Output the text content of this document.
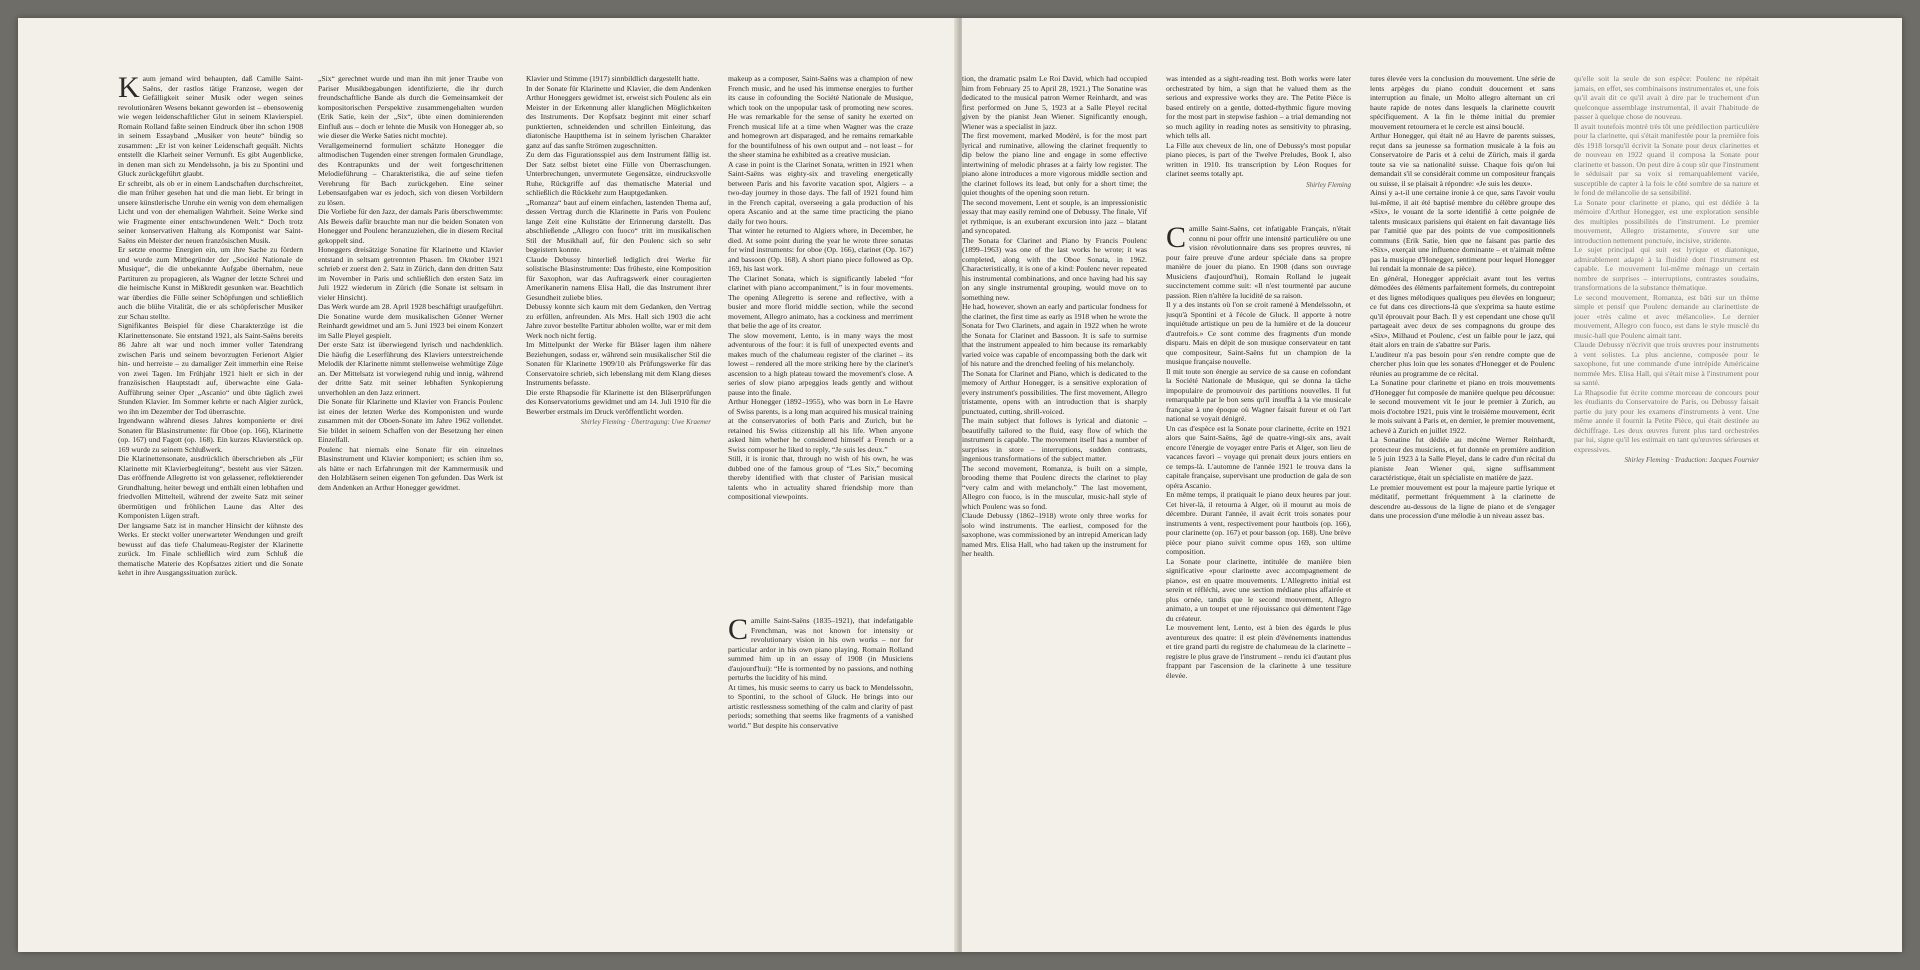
Kaum jemand wird behaupten, daß Camille Saint-Saëns, der rastlos tätige Franzose, wegen der Gefälligkeit seiner Musik oder wegen seines revolutionären Wesens bekannt geworden ist – ebensowenig wie wegen leidenschaftlicher Glut in seinem Klavierspiel. Romain Rolland faßte seinen Eindruck über ihn schon 1908 in seinem Essayband „Musiker von heute“ bündig so zusammen: „Er ist von keiner Leidenschaft gequält. Nichts entstellt die Klarheit seiner Vernunft. Es gibt Augenblicke, in denen man sich zu Mendelssohn, ja bis zu Spontini und Gluck zurückgeführt glaubt.

Er schreibt, als ob er in einem Landschaften durchschreitet, die man früher gesehen hat und die man liebt. Er bringt in unsere künstlerische Unruhe ein wenig von dem ehemaligen Licht und von der ehemaligen Wahrheit. Seine Werke sind wie Fragmente einer entschwundenen Welt.“ Doch trotz seiner konservativen Haltung als Komponist war Saint-Saëns ein Meister der neuen französischen Musik.

Er setzte enorme Energien ein, um ihre Sache zu fördern und wurde zum Mitbegründer der „Société Nationale de Musique“, die die unbekannte Aufgabe übernahm, neue Partituren zu propagieren, als Wagner der letzte Schrei und die heimische Kunst in Mißkredit gesunken war. Beachtlich war überdies die Fülle seiner Schöpfungen und schließlich auch die blühe Vitalität, die er als schöpferischer Musiker zur Schau stellte.

Signifikantes Beispiel für diese Charakterzüge ist die Klarinettensonate. Sie entstand 1921, als Saint-Saëns bereits 86 Jahre alt war und noch immer voller Tatendrang zwischen Paris und seinem bevorzugten Ferienort Algier hin- und herreiste – zu damaliger Zeit immerhin eine Reise von zwei Tagen. Im Frühjahr 1921 hielt er sich in der französischen Hauptstadt auf, überwachte eine Gala-Aufführung seiner Oper „Ascanio“ und übte täglich zwei Stunden Klavier. Im Sommer kehrte er nach Algier zurück, wo ihn im Dezember der Tod überraschte.

Irgendwann während dieses Jahres komponierte er drei Sonaten für Blasinstrumente: für Oboe (op. 166), Klarinette (op. 167) und Fagott (op. 168). Ein kurzes Klavierstück op. 169 wurde zu seinem Schlußwerk.

Die Klarinettensonate, ausdrücklich überschrieben als „Für Klarinette mit Klavierbegleitung“, besteht aus vier Sätzen. Das eröffnende Allegretto ist von gelassener, reflektierender Grundhaltung, heiter bewegt und enthält einen lebhaften und friedvollen Mittelteil, während der zweite Satz mit seiner übermütigen und fröhlichen Laune das Alter des Komponisten Lügen straft.

Der langsame Satz ist in mancher Hinsicht der kühnste des Werks. Er steckt voller unerwarteter Wendungen und greift bewusst auf das tiefe Chalumeau-Register der Klarinette zurück. Im Finale schließlich wird zum Schluß die thematische Materie des Kopfsatzes zitiert und die Sonate kehrt in ihre Ausgangssituation zurück.

„Six“ gerechnet wurde und man ihn mit jener Traube von Pariser Musikbegabungen identifizierte, die ihr durch freundschaftliche Bande als durch die Gemeinsamkeit der kompositorischen Perspektive zusammengehalten wurden (Erik Satie, kein der „Six“, übte einen dominierenden Einfluß aus – doch er lehnte die Musik von Honegger ab, so wie dieser die Werke Saties nicht mochte).

Verallgemeinernd formuliert schätzte Honegger die altmodischen Tugenden einer strengen formalen Grundlage, des Kontrapunkts und der weit fortgeschrittenen Melodieführung – Charakteristika, die auf seine tiefen Verehrung für Bach zurückgehen. Eine seiner Lebensaufgaben war es jedoch, sich von diesen Vorbildern zu lösen.

Die Vorliebe für den Jazz, der damals Paris überschwemmte: Als Beweis dafür brauchte man nur die beiden Sonaten von Honegger und Poulenc heranzuziehen, die in diesem Recital gekoppelt sind.

Honeggers dreisätzige Sonatine für Klarinette und Klavier entstand in seltsam getrennten Phasen. Im Oktober 1921 schrieb er zuerst den 2. Satz in Zürich, dann den dritten Satz im November in Paris und schließlich den ersten Satz im Juli 1922 wiederum in Zürich (die Sonate ist seltsam in vieler Hinsicht).

Das Werk wurde am 28. April 1928 beschäftigt uraufgeführt. Die Sonatine wurde dem musikalischen Gönner Werner Reinhardt gewidmet und am 5. Juni 1923 bei einem Konzert im Salle Pleyel gespielt.

Der erste Satz ist überwiegend lyrisch und nachdenklich. Die häufig die Leserführung des Klaviers unterstreichende Melodik der Klarinette nimmt stellenweise wehmütige Züge an. Der Mittelsatz ist vorwiegend ruhig und innig, während der dritte Satz mit seiner lebhaften Synkopierung unverhohlen an den Jazz erinnert.

Die Sonate für Klarinette und Klavier von Francis Poulenc ist eines der letzten Werke des Komponisten und wurde zusammen mit der Oboen-Sonate im Jahre 1962 vollendet. Sie bildet in seinem Schaffen von der Besetzung her einen Einzelfall.

Poulenc hat niemals eine Sonate für ein einzelnes Blasinstrument und Klavier komponiert; es schien ihm so, als hätte er nach Erfahrungen mit der Kammermusik und den Holzbläsern seinen eigenen Ton gefunden. Das Werk ist dem Andenken an Arthur Honegger gewidmet.

Klavier und Stimme (1917) sinnbildlich dargestellt hatte.

In der Sonate für Klarinette und Klavier, die dem Andenken Arthur Honeggers gewidmet ist, erweist sich Poulenc als ein Meister in der Erkennung aller klanglichen Möglichkeiten des Instruments. Der Kopfsatz beginnt mit einer scharf punktierten, schneidenden und schrillen Einleitung, das diatonische Hauptthema ist in seinem lyrischen Charakter ganz auf das sanfte Strömen zugeschnitten.

Zu dem das Figurationsspiel aus dem Instrument fällig ist. Der Satz selbst bietet eine Fülle von Überraschungen. Unterbrechungen, unvermutete Gegensätze, eindrucksvolle Ruhe, Rückgriffe auf das thematische Material und schließlich die Rückkehr zum Hauptgedanken.

„Romanza“ baut auf einem einfachen, lastenden Thema auf, dessen Vertrag durch die Klarinette in Paris von Poulenc lange Zeit eine Kultstätte der Erinnerung darstellt. Das abschließende „Allegro con fuoco“ tritt im musikalischen Stil der Musikhall auf, für den Poulenc sich so sehr begeistern konnte.

Claude Debussy hinterließ lediglich drei Werke für solistische Blasinstrumente: Das früheste, eine Komposition für Saxophon, war das Auftragswerk einer couragierten Amerikanerin namens Elisa Hall, die das Instrument ihrer Gesundheit zuliebe blies.

Debussy konnte sich kaum mit dem Gedanken, den Vertrag zu erfüllen, anfreunden. Als Mrs. Hall sich 1903 die acht Jahre zuvor bestellte Partitur abholen wollte, war er mit dem Werk noch nicht fertig.

Im Mittelpunkt der Werke für Bläser lagen ihm nähere Beziehungen, sodass er, während sein musikalischer Stil die Sonaten für Klarinette 1909/10 als Prüfungswerke für das Conservatoire schrieb, sich lebenslang mit dem Klang dieses Instruments befasste.

Die erste Rhapsodie für Klarinette ist den Bläserprüfungen des Konservatoriums gewidmet und am 14. Juli 1910 für die Bewerber erstmals im Druck veröffentlicht worden.

Shirley Fleming · Übertragung: Uwe Kraemer

makeup as a composer, Saint-Saëns was a champion of new French music, and he used his immense energies to further its cause in cofounding the Société Nationale de Musique, which took on the unpopular task of promoting new scores. He was remarkable for the sense of sanity he exerted on French musical life at a time when Wagner was the craze and homegrown art disparaged, and he remains remarkable for the bountifulness of his own output and – not least – for the sheer stamina he exhibited as a creative musician.

A case in point is the Clarinet Sonata, written in 1921 when Saint-Saëns was eighty-six and traveling energetically between Paris and his favorite vacation spot, Algiers – a two-day journey in those days. The fall of 1921 found him in the French capital, overseeing a gala production of his opera Ascanio and at the same time practicing the piano daily for two hours.

That winter he returned to Algiers where, in December, he died. At some point during the year he wrote three sonatas for wind instruments: for oboe (Op. 166), clarinet (Op. 167) and bassoon (Op. 168). A short piano piece followed as Op. 169, his last work.

The Clarinet Sonata, which is significantly labeled “for clarinet with piano accompaniment,” is in four movements. The opening Allegretto is serene and reflective, with a busier and more florid middle section, while the second movement, Allegro animato, has a cockiness and merriment that belie the age of its creator.

The slow movement, Lento, is in many ways the most adventurous of the four: it is full of unexpected events and makes much of the chalumeau register of the clarinet – its lowest – rendered all the more striking here by the clarinet's ascension to a high plateau toward the movement's close. A series of slow piano arpeggios leads gently and without pause into the finale.

Arthur Honegger (1892–1955), who was born in Le Havre of Swiss parents, is a long man acquired his musical training at the conservatories of both Paris and Zurich, but he retained his Swiss citizenship all his life. When anyone asked him whether he considered himself a French or a Swiss composer he liked to reply, “Je suis les deux.”

Still, it is ironic that, through no wish of his own, he was dubbed one of the famous group of “Les Six,” becoming thereby identified with that cluster of Parisian musical talents who in actuality shared friendship more than compositional viewpoints.

Camille Saint-Saëns (1835–1921), that indefatigable Frenchman, was not known for intensity or revolutionary vision in his own works – nor for particular ardor in his own piano playing. Romain Rolland summed him up in an essay of 1908 (in Musiciens d'aujourd'hui): “He is tormented by no passions, and nothing perturbs the lucidity of his mind.

At times, his music seems to carry us back to Mendelssohn, to Spontini, to the school of Gluck. He brings into our artistic restlessness something of the calm and clarity of past periods; something that seems like fragments of a vanished world.” But despite his conservative

tion, the dramatic psalm Le Roi David, which had occupied him from February 25 to April 28, 1921.) The Sonatine was dedicated to the musical patron Werner Reinhardt, and was first performed on June 5, 1923 at a Salle Pleyel recital given by the pianist Jean Wiener. Significantly enough, Wiener was a specialist in jazz.

The first movement, marked Modéré, is for the most part lyrical and ruminative, allowing the clarinet frequently to dip below the piano line and engage in some effective intertwining of melodic phrases at a fairly low register. The piano alone introduces a more vigorous middle section and the clarinet follows its lead, but only for a short time; the quiet thoughts of the opening soon return.

The second movement, Lent et souple, is an impressionistic essay that may easily remind one of Debussy. The finale, Vif et rythmique, is an exuberant excursion into jazz – blatant and syncopated.

The Sonata for Clarinet and Piano by Francis Poulenc (1899–1963) was one of the last works he wrote; it was completed, along with the Oboe Sonata, in 1962. Characteristically, it is one of a kind: Poulenc never repeated his instrumental combinations, and once having had his say on any single instrumental grouping, would move on to something new.

He had, however, shown an early and particular fondness for the clarinet, the first time as early as 1918 when he wrote the Sonata for Two Clarinets, and again in 1922 when he wrote the Sonata for Clarinet and Bassoon. It is safe to surmise that the instrument appealed to him because its remarkably varied voice was capable of encompassing both the dark wit of his nature and the drenched feeling of his melancholy.

The Sonata for Clarinet and Piano, which is dedicated to the memory of Arthur Honegger, is a sensitive exploration of every instrument's possibilities. The first movement, Allegro tristamente, opens with an introduction that is sharply punctuated, cutting, shrill-voiced.

The main subject that follows is lyrical and diatonic – beautifully tailored to the fluid, easy flow of which the instrument is capable. The movement itself has a number of surprises in store – interruptions, sudden contrasts, ingenious transformations of the subject matter.

The second movement, Romanza, is built on a simple, brooding theme that Poulenc directs the clarinet to play “very calm and with melancholy.” The last movement, Allegro con fuoco, is in the muscular, music-hall style of which Poulenc was so fond.

Claude Debussy (1862–1918) wrote only three works for solo wind instruments. The earliest, composed for the saxophone, was commissioned by an intrepid American lady named Mrs. Elisa Hall, who had taken up the instrument for her health.

was intended as a sight-reading test. Both works were later orchestrated by him, a sign that he valued them as the serious and expressive works they are. The Petite Pièce is based entirely on a gentle, dotted-rhythmic figure moving for the most part in stepwise fashion – a trial demanding not so much agility in reading notes as sensitivity to phrasing, which tells all.

La Fille aux cheveux de lin, one of Debussy's most popular piano pieces, is part of the Twelve Preludes, Book I, also written in 1910. Its transcription by Léon Roques for clarinet seems totally apt.

Shirley Fleming

Camille Saint-Saëns, cet infatigable Français, n'était connu ni pour offrir une intensité particulière ou une vision révolutionnaire dans ses propres œuvres, ni pour faire preuve d'une ardeur spéciale dans sa propre manière de jouer du piano. En 1908 (dans son ouvrage Musiciens d'aujourd'hui), Romain Rolland le jugeait succinctement comme suit: «Il n'est tourmenté par aucune passion. Rien n'altère la lucidité de sa raison.

Il y a des instants où l'on se croit ramené à Mendelssohn, et jusqu'à Spontini et à l'école de Gluck. Il apporte à notre inquiétude artistique un peu de la lumière et de la douceur d'autrefois.» Ce sont comme des fragments d'un monde disparu. Mais en dépit de son musique conservateur en tant que compositeur, Saint-Saëns fut un champion de la musique française nouvelle.

Il mit toute son énergie au service de sa cause en cofondant la Société Nationale de Musique, qui se donna la tâche impopulaire de promouvoir des partitions nouvelles. Il fut remarquable par le bon sens qu'il insuffla à la vie musicale française à une époque où Wagner faisait fureur et où l'art national se voyait dénigré.

Un cas d'espèce est la Sonate pour clarinette, écrite en 1921 alors que Saint-Saëns, âgé de quatre-vingt-six ans, avait encore l'énergie de voyager entre Paris et Alger, son lieu de vacances favori – voyage qui prenait deux jours entiers en ce temps-là. L'automne de l'année 1921 le trouva dans la capitale française, supervisant une production de gala de son opéra Ascanio.

En même temps, il pratiquait le piano deux heures par jour. Cet hiver-là, il retourna à Alger, où il mourut au mois de décembre. Durant l'année, il avait écrit trois sonates pour instruments à vent, respectivement pour hautbois (op. 166), pour clarinette (op. 167) et pour basson (op. 168). Une brève pièce pour piano suivit comme opus 169, son ultime composition.

La Sonate pour clarinette, intitulée de manière bien significative «pour clarinette avec accompagnement de piano», est en quatre mouvements. L'Allegretto initial est serein et réfléchi, avec une section médiane plus affairée et plus ornée, tandis que le second mouvement, Allegro animato, a un toupet et une réjouissance qui démentent l'âge du créateur.

Le mouvement lent, Lento, est à bien des égards le plus aventureux des quatre: il est plein d'événements inattendus et tire grand parti du registre de chalumeau de la clarinette – registre le plus grave de l'instrument – rendu ici d'autant plus frappant par l'ascension de la clarinette à une tessiture élevée.

tures élevée vers la conclusion du mouvement. Une série de lents arpèges du piano conduit doucement et sans interruption au finale, un Molto allegro alternant un cri haute rapide de notes dans lesquels la clarinette couvrit spécifiquement. A la fin le thème initial du premier mouvement retournera et le cercle est ainsi bouclé.

Arthur Honegger, qui était né au Havre de parents suisses, reçut dans sa jeunesse sa formation musicale à la fois au Conservatoire de Paris et à celui de Zürich, mais il garda toute sa vie sa nationalité suisse. Chaque fois qu'on lui demandait s'il se considérait comme un compositeur français ou suisse, il se plaisait à répondre: «Je suis les deux».

Ainsi y a-t-il une certaine ironie à ce que, sans l'avoir voulu lui-même, il ait été baptisé membre du célèbre groupe des «Six», le vouant de la sorte identifié à cette poignée de talents musicaux parisiens qui étaient en fait davantage liés par l'amitié que par des points de vue compositionnels communs (Erik Satie, bien que ne faisant pas partie des «Six», exerçait une influence dominante – et n'aimait même pas la musique d'Honegger, sentiment pour lequel Honegger lui rendait la monnaie de sa pièce).

En général, Honegger appréciait avant tout les vertus démodées des éléments parfaitement formels, du contrepoint et des lignes mélodiques qualiques peu élevées en longueur; ce fut dans ces directions-là que s'exprima sa haute estime qu'il éprouvait pour Bach. Il y est cependant une chose qu'il partageait avec deux de ses compagnons du groupe des «Six», Milhaud et Poulenc, c'est un faible pour le jazz, qui était alors en train de s'abattre sur Paris.

L'auditeur n'a pas besoin pour s'en rendre compte que de chercher plus loin que les sonates d'Honegger et de Poulenc réunies au programme de ce récital.

La Sonatine pour clarinette et piano en trois mouvements d'Honegger fut composée de manière quelque peu décousue: le second mouvement vit le jour le premier à Zurich, au mois d'octobre 1921, puis vint le troisième mouvement, écrit le mois suivant à Paris et, en dernier, le premier mouvement, achevé à Zurich en juillet 1922.

La Sonatine fut dédiée au mécène Werner Reinhardt, protecteur des musiciens, et fut donnée en première audition le 5 juin 1923 à la Salle Pleyel, dans le cadre d'un récital du pianiste Jean Wiener qui, signe suffisamment caractéristique, était un spécialiste en matière de jazz.

Le premier mouvement est pour la majeure partie lyrique et méditatif, permettant fréquemment à la clarinette de descendre au-dessous de la ligne de piano et de s'engager dans une procession d'une mélodie à un niveau assez bas.

qu'elle soit la seule de son espèce: Poulenc ne répétait jamais, en effet, ses combinaisons instrumentales et, une fois qu'il avait dit ce qu'il avait à dire par le truchement d'un quelconque assemblage instrumental, il avait l'habitude de passer à quelque chose de nouveau.

Il avait toutefois montré très tôt une prédilection particulière pour la clarinette, qui s'était manifestée pour la première fois dès 1918 lorsqu'il écrivit la Sonate pour deux clarinettes et de nouveau en 1922 quand il composa la Sonate pour clarinette et basson. On peut dire à coup sûr que l'instrument le séduisait par sa voix si remarquablement variée, susceptible de capter à la fois le côté sombre de sa nature et le fond de mélancolie de sa sensibilité.

La Sonate pour clarinette et piano, qui est dédiée à la mémoire d'Arthur Honegger, est une exploration sensible des multiples possibilités de l'instrument. Le premier mouvement, Allegro tristamente, s'ouvre sur une introduction nettement ponctuée, incisive, stridente.

Le sujet principal qui suit est lyrique et diatonique, admirablement adapté à la fluidité dont l'instrument est capable. Le mouvement lui-même ménage un certain nombre de surprises – interruptions, contrastes soudains, transformations de la substance thématique.

Le second mouvement, Romanza, est bâti sur un thème simple et pensif que Poulenc demande au clarinettiste de jouer «très calme et avec mélancolie». Le dernier mouvement, Allegro con fuoco, est dans le style musclé du music-hall que Poulenc aimait tant.

Claude Debussy n'écrivit que trois œuvres pour instruments à vent solistes. La plus ancienne, composée pour le saxophone, fut une commande d'une intrépide Américaine nommée Mrs. Elisa Hall, qui s'était mise à l'instrument pour sa santé.

La Rhapsodie fut écrite comme morceau de concours pour les étudiants du Conservatoire de Paris, ou Debussy faisait partie du jury pour les examens d'instruments à vent. Une même année il fournit la Petite Pièce, qui était destinée au déchiffrage. Les deux œuvres furent plus tard orchestrées par lui, signe qu'il les estimait en tant qu'œuvres sérieuses et expressives.

Shirley Fleming · Traduction: Jacques Fournier
